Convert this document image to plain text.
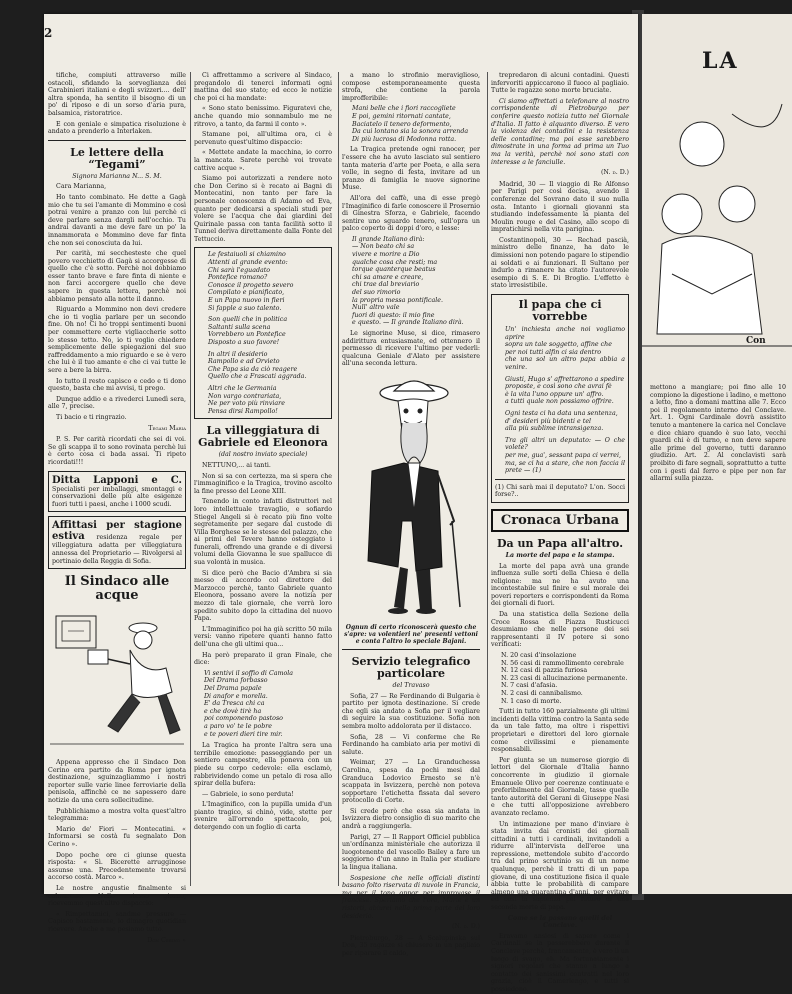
2

tifiche, compiuti attraverso mille ostacoli, sfidando la sorveglianza dei Carabinieri italiani e degli svizzeri.... dell' altra sponda, ha sentito il bisogno di un po' di riposo e di un sorso d'aria pura, balsamica, ristoratrice.

E con geniale e simpatica risoluzione è andato a prenderlo a Interlaken.

Le lettere della “Tegami”
Signora Marianna N... S. M.

Cara Marianna,

Ho tanto combinato. He dette a Gagà mio che tu sei l'amante di Mommino e così potrai venire a pranzo con lui perchè ci deve parlare senza dargli nell'occhio. Tu andrai davanti a me deve fare un po' la innammorata e Mommino deve far finta che non sei conosciuta da lui.

Per carità, mi secchesteste che quel povero vecchietto di Gagà si accorgesse di quello che c'è sotto. Perchè noi dobbiamo esser tanto brave e fare finta di niente e non farci accorgere quello che deve sapere in questa lettera, perchè noi abbiamo pensato alla notte il danno.

Riguardo a Mommino non devi credere che io ti voglia parlare per un secondo fine. Oh no! Ci ho troppi sentimenti buoni per commettere certe vigliaccherie sotto lo stesso tetto. No, io ti voglio chiedere semplicemente delle spiegazioni del suo raffreddamento a mio riguardo e se è vero che lui è il tuo amante e che ci vai tutte le sere a bere la birra.

Io tutto il resto capisco e cedo e ti dono questo, basta che mi avvisi, ti prego.

Dunque addio e a rivederci Lunedì sera, alle 7, precise.

Ti bacio e ti ringrazio.

Tegami Maria

P. S. Per carità ricordati che sei di voi. Se gli scappa il to sono rovinata perchè lui è certo cosa ci bada assai. Ti ripeto ricordati!!!

Ditta Lapponi e C. Specialisti per imballaggi, smontaggi e conservazioni delle più alte esigenze fuori tutti i paesi, anche i 1000 scudi.
Affittasi per stagione estiva residenza regale per villeggiatura adatta per villeggiatura annessa del Proprietario — Rivolgersi al portinaio della Reggia di Sofia.
Il Sindaco alle acque

Appena appresso che il Sindaco Don Cerino era partito da Roma per ignota destinazione, sguinzagliammo i nostri reporter sulle varie linee ferroviarie della penisola, affinchè ce ne sapessero dare notizie da una cera sollecitudine.

Pubblichiamo a mostra volta quest'altro telegramma:

Mario de' Fiori — Montecatini. « Informarsi se costà fu segnalato Don Cerino ».

Dopo poche ore ci giunse questa risposta: « Sì. Bicerette arrugginose assunse una. Precedentemente trovarsi accorso costà. Marco ».

Le nostre angustie finalmente si calmarono. Nello stesso giorno, ricevemmo quest'altro dispaccio:

« Rimpettamici, sandme pressure — Capisco bastamente, io dimagro quotidian ricevere. Anche a me pesiamo tutto.

Don Cerino »

Ci affrettammo a scrivere al Sindaco, pregandolo di tenerci informati ogni mattina del suo stato; ed ecco le notizie che poi ci ha mandate:

« Sono stato benissimo. Figuratevi che, anche quando mio sonnambulo me ne ritrovo, a tanto, da farmi il conto ».

Stamane poi, all'ultima ora, ci è pervenuto quest'ultimo dispaccio:

« Mettete andate la macchina, io corro la mancata. Sarete perchè voi trovate cattive acque ».

Siamo poi autorizzati a rendere noto che Don Cerino si è recato ai Bagni di Montecatini, non tanto per fare la personale conoscenza di Adamo ed Eva, quanto per dedicarsi a speciali studi per volere se l'acqua che dai giardini del Quirinale passa con tanta facilità sotto il Tunnel deriva direttamente dalla Fonte del Tettuccio.

Le festaiuoli si chiamino
Attenti al grande evento:
Chi sarà l'eguadato
Pontefice romano?
Conosce il progetto severo
Compilato e pianificato,
E un Papa nuovo in fieri
Si fapple a suo talento.
Son quelli che in politica
Saltanti sulla scena
Vorrebbero un Pontefice
Disposto a suo favore!
In altri il desiderio
Rampollo e ad Orvieto
Che Papa sia da ciò reagere
Quello che a Frascati aggrada.
Altri che le Germania
Non vargo contrariata,
Ne per voto più rinviare
Pensa dirsi Rampollo!
La villeggiatura di Gabriele ed Eleonora
(dal nostro inviato speciale)

NETTUNO,... ai tanti.

Non si sa con certezza, ma si spera che l'immaginifico e la Tragica, trovino ascolto la fine presso del Leone XIII.

Tenendo in conto infatti distruttori nel loro intellettuale travaglio, e sofiardo Stiegel Angeli si è recato più fino volte segretamente per segare dal custode di Villa Borghese se le stesse del palazzo, che ai primi del Tevere hanno osteggiato i funerali, offrendo una grande e di diversi volumi della Giovanna le sue spallucce di sua volontà in musica.

Si dice però che Bacio d'Ambra si sia messo di accordo col direttore del Marzocco perchè, tanto Gabriele quanto Eleonora, possano avere la notizia per mezzo di tale giornale, che verrà loro spedito subito dopo la cittadina del nuovo Papa.

L'Immaginifico poi ha già scritto 50 mila versi: vanno ripetere quanti hanno fatto dell'una che gli ultimi qua...

Ha però preparato il gran Finale, che dice:

Vi sentivi il soffio di Camola
Del Drama forbasso
Del Drama papale
Di anafor e morella.
E' da Tresca chi ca
e che dovè tirè ha
poi componendo pastoso
a paro vo' te le pobre
e te poveri dieri tire mir.

La Tragica ha pronte l'altra sera una terribile emozione: passeggiando per un sentiero campestre, ella poneva con un piede su corpo cedevole: ella esclamò, rabbrividendo come un petalo di rosa allo spirar della bufera:

— Gabriele, io sono perduta!

L'Imaginifico, con la pupilla umida d'un pianto tragico, si chinò, vide, stette per svenire all'orrendo spettacolo, poi, detergendo con un foglio di carta

a mano lo strofinio meraviglioso, compose estemporaneamente questa strofa, che contiene la parola improfferibile:

Mani belle che i fiori raccogliete
E poi, gemini ritornati cantate,
Baciatelo il tenero deformento,
Da cui lontano sia la sonora arrenda
Di più lucrosa di Modonna rotta.

La Tragica pretende ogni ranocer, per l'essere che ha avuto lasciato sul sentiero tanta materia d'arte per Poeta, e alla sera volle, in segno di festa, invitare ad un pranzo di famiglia le nuove signorine Muse.

All'ora del caffè, una di esse pregò l'Imaginifico di farle conoscere il Prosernio di Ginestra Sforza, e Gabriele, facendo sentire uno sguardo tenero, sull'opra un palco coperto di doppi d'oro, e lesse:

Il grande Italiano dirà:
— Non beato chi sa
vivere e morire a Dio
qualche cosa che resti; ma
torque quanterque beatus
chi sa amare e creare,
chi trae dal breviario
del suo rimorio
la propria messa pontificale.
Null' altro vale
fuori di questo: il mio fine
e questo. — Il grande Italiano dirà.

Le signorine Muse, si dice, rimasero addirittura entusiasmate, ed ottennero il permesso di ricevere l'ultimo per vederli: qualcuna Geniale d'Alato per assistere all'una seconda lettura.

Ognun di certo riconoscerà questo che s'apre: va volentieri ne' presenti vettoni e conta l'altro lo speciale Bajani.
Servizio telegrafico particolare
del Travaso

Sofia, 27 — Re Ferdinando di Bulgaria è partito per ignota destinazione. Si crede che egli sia andato a Sofia per il vegliare di seguire la sua costituzione. Sofia non sembra molto addolorata per il distacco.

Sofia, 28 — Vi conferme che Re Ferdinando ha cambiato aria per motivi di salute.

Weimar, 27 — La Granduchessa Carolina, spesa da pochi mesi dal Granduca Lodovico Ernesto se n'è scappata in Isvizzera, perchè non poteva sopportare l'etichetta fissata dal severo protocollo di Corte.

Si crede però che essa sia andata in Isvizzera dietro consiglio di suo marito che andrà a raggiungerla.

Parigi, 27 — Il Rapport Officiel pubblica un'ordinanza ministeriale che autorizza il luogotenente del vascello Bailey a fare un soggiorno d'un anno in Italia per studiare la lingua italiana.

Sospesione che nelle officiali distinti basano folto riservata di nuvole in Francia, ma per il tono oppor per improvase il francese. Speriamo che l'ora, Marie è un ristorti, abiurei nella prima parte del loro desiderio.

(N. d. D.)

Pietroburgo, 28 — A Scalupinska sul Don, 35 ragazze si chiusero in un pagliaio per riparare il caldo,

trepredaron di alcuni contadini. Questi infervoriti appiccarono il fuoco al pagliaio. Tutte le ragazze sono morte bruciate.

Ci siamo affrettati a telefonare al nostro corrispondente di Pietroburgo per conferire questo notizia tutto nel Giornale d'Italia. Il fatto è alquanto diverso. E vero la violenza dei contadini e la resistenza delle contadine; ma poi esse sarebbero dimostrate in una forma ad prima un Tuo ma la verità, perchè noi sono stati con interesse a le fanciulle.

(N. d. D.)

Madrid, 30 — Il viaggio di Re Alfonso per Parigi per così decisa, avendo il conferenze del Sovrano dato il suo nulla osta. Intanto i giornali giovanni sta studiando indefessamente la pianta del Moulin rouge e del Casino, allo scopo di impratichirsi nella vita parigina.

Costantinopoli, 30 — Rechad pascià, ministro delle finanze, ha dato le dimissioni non potendo pagare lo stipendio ai soldati e ai funzionari. Il Sultano per indurlo a rimanere ha citato l'autorevole esempio di S. E. Di Broglio. L'effetto è stato irresistibile.

Il papa che ci vorrebbe
Un' inchiesta anche noi vogliamo aprire
sopra un tale soggetto, affine che
per noi tutti alfin ci sia dentro
che una sol un altro papa abbia a venire.
Giusti, Hugo s' affrettarono a spedire
proposte, e così sono che avrai fè
è la vita l'uno oppure un' affro.
a tutti quale non possiamo offrire.
Ogni testa ci ha data una sentenza,
d' desideri più bidenti e tel
alla più sublime intransigenza.
Tra gli altri un deputato: — O che volete?
per me, gua', sessant papa ci verrei,
ma, se ci ha a stare, che non faccia il prete — (1)
(1) Chi sarà mai il deputato? L'on. Socci forse?..
Cronaca Urbana
Da un Papa all'altro.
La morte del papa e la stampa.

La morte del papa avrà una grande influenza sulle sorti della Chiesa e della religione: ma ne ha avuto una incontestabile sul finire e sul morale dei poveri reporters e corrispondenti da Roma dei giornali di fuori.

Da una statistica della Sezione della Croce Rossa di Piazza Rusticucci desumiamo che nelle persone dei sei rappresentanti il IV potere si sono verificati:

N. 20 casi d'insolazione
N. 56 casi di rammollimento cerebrale
N. 12 casi di pazzia furiosa
N. 23 casi di allucinazione permanente.
N. 7 casi d'afasia.
N. 2 casi di cannibalismo.
N. 1 caso di morte.

Tutti in tutto 160 parzialmente gli ultimi incidenti della vittima contro la Santa sede da un tale fatto, ma oltre i rispettivi proprietari e direttori del loro giornale come civilissimi e pienamente responsabili.

Per giunta se un numerose giorgio di lettori del Giornale d'Italia hanno concorrente in giudizio il giornale Emanuele Olivo per coerenze continuate e preferibilmente dal Giornale, tasse quelle tanto autorità del Gerani di Giuseppe Nasi e che tutti all'opposizione avrebbero avanzato reclamo.

Un intimazione per mano d'inviare è stata invita dai cronisti dei giornali cittadini a tutti i cardinali, invitandoli a ridurre all'intervista dell'eroe una repressione, mettendole subito d'accordo tra dal primo scrutinio su di un nome qualunque, perchè il tratti di un papa giovane, di una costituzione fisica il quale abbia tutte le probabilità di campare almeno una quarantina d'anni, per evitare ed così la sapienza pel futuro di una seconda morte di papa.

Come se la passano quelli del Conclave.

Eravamo ansiosi di sapere come i Cardinali se la passerebbero durante il Conclave perchè, francamente, è vero lì un luogo di svago, eh. Ma fortunatamente i signori regolari che stanno a lungo a contatto dei sanissimi contratti nel loro grazia, cioè il Camerlengo, e tutti si possiedono.

LA
Con
mettono a mangiare; poi fino alle 10 compiono la digestione i ladino, e mettono a letto, fino a domani mattina alle 7. Ecco poi il regolamento interno del Conclave. Art. 1. Ogni Cardinale dovrà assistito tenuto a mantenere la carica nel Conclave e dice chiaro quando è suo lato, vecchi guardi chi è di turno, e non deve sapere alle prime del governo, tutti daranno giudizio. Art. 2. Al conclavisti sarà proibito di fare segnali, soprattutto a tutte con i gesti dal ferro e pipe per non far allarmi sulla piazza.
